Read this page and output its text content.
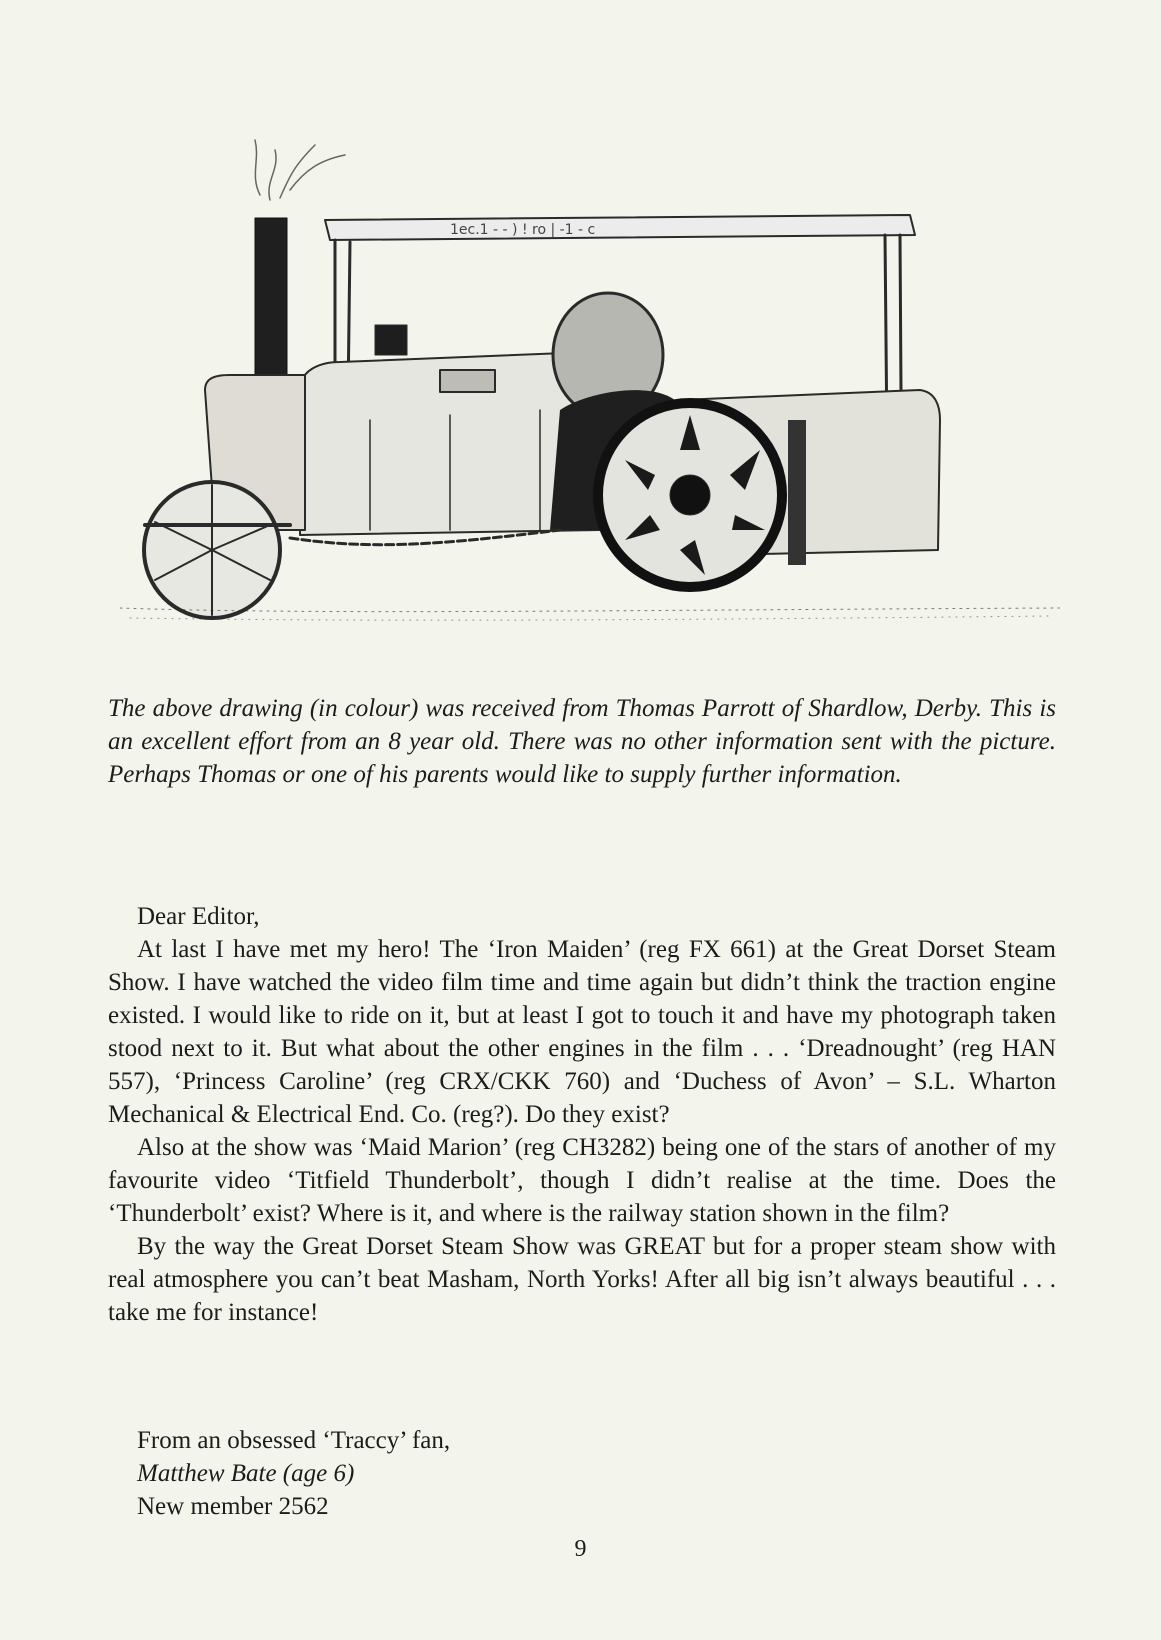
1ec.1 - - ) ! ro | -1 - c

The above drawing (in colour) was received from Thomas Parrott of Shardlow, Derby. This is an excellent effort from an 8 year old. There was no other information sent with the picture. Perhaps Thomas or one of his parents would like to supply further information.

Dear Editor,

At last I have met my hero! The ‘Iron Maiden’ (reg FX 661) at the Great Dorset Steam Show. I have watched the video film time and time again but didn’t think the traction engine existed. I would like to ride on it, but at least I got to touch it and have my photograph taken stood next to it. But what about the other engines in the film . . . ‘Dreadnought’ (reg HAN 557), ‘Princess Caroline’ (reg CRX/CKK 760) and ‘Duchess of Avon’ – S.L. Wharton Mechanical & Electrical End. Co. (reg?). Do they exist?

Also at the show was ‘Maid Marion’ (reg CH3282) being one of the stars of another of my favourite video ‘Titfield Thunderbolt’, though I didn’t realise at the time. Does the ‘Thunderbolt’ exist? Where is it, and where is the railway station shown in the film?

By the way the Great Dorset Steam Show was GREAT but for a proper steam show with real atmosphere you can’t beat Masham, North Yorks! After all big isn’t always beautiful . . . take me for instance!

From an obsessed ‘Traccy’ fan,
Matthew Bate (age 6)
New member 2562
9
